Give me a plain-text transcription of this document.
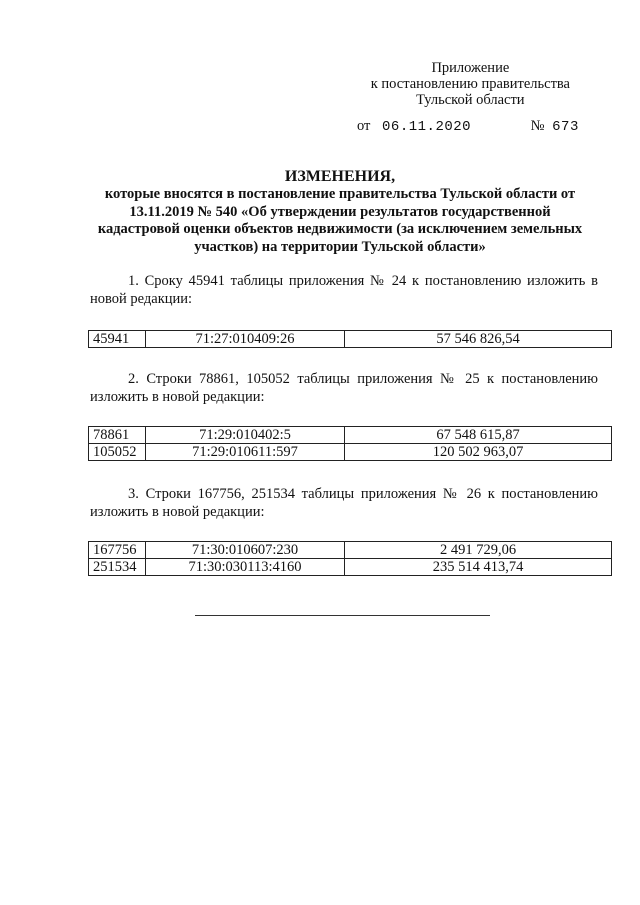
Приложение
к постановлению правительства
Тульской области
от 06.11.2020	№ 673
ИЗМЕНЕНИЯ,
которые вносятся в постановление правительства Тульской области от 13.11.2019 № 540 «Об утверждении результатов государственной кадастровой оценки объектов недвижимости (за исключением земельных участков) на территории Тульской области»
1. Сроку 45941 таблицы приложения № 24 к постановлению изложить в новой редакции:
45941	71:27:010409:26	57 546 826,54
2. Строки 78861, 105052 таблицы приложения № 25 к постановлению изложить в новой редакции:
78861	71:29:010402:5	67 548 615,87
105052	71:29:010611:597	120 502 963,07
3. Строки 167756, 251534 таблицы приложения № 26 к постановлению изложить в новой редакции:
167756	71:30:010607:230	2 491 729,06
251534	71:30:030113:4160	235 514 413,74
